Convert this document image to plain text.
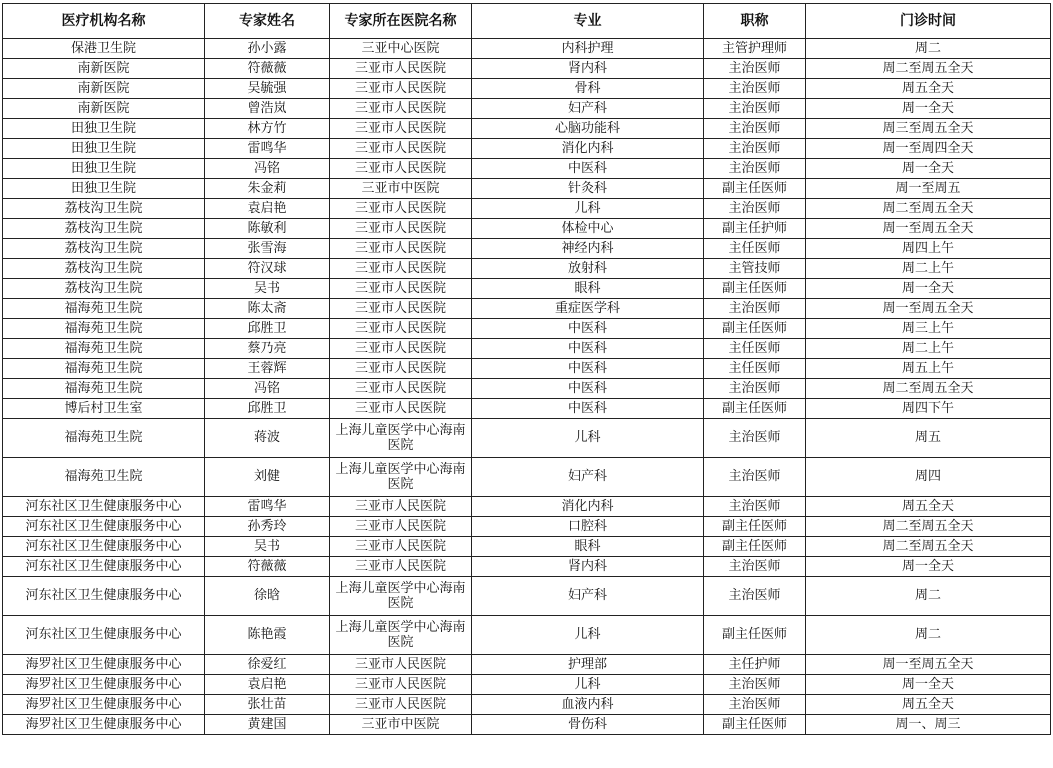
医疗机构名称	专家姓名	专家所在医院名称	专业	职称	门诊时间
保港卫生院	孙小露	三亚中心医院	内科护理	主管护理师	周二
南新医院	符薇薇	三亚市人民医院	肾内科	主治医师	周二至周五全天
南新医院	吴毓强	三亚市人民医院	骨科	主治医师	周五全天
南新医院	曾浩岚	三亚市人民医院	妇产科	主治医师	周一全天
田独卫生院	林方竹	三亚市人民医院	心脑功能科	主治医师	周三至周五全天
田独卫生院	雷鸣华	三亚市人民医院	消化内科	主治医师	周一至周四全天
田独卫生院	冯铭	三亚市人民医院	中医科	主治医师	周一全天
田独卫生院	朱金莉	三亚市中医院	针灸科	副主任医师	周一至周五
荔枝沟卫生院	袁启艳	三亚市人民医院	儿科	主治医师	周二至周五全天
荔枝沟卫生院	陈敏利	三亚市人民医院	体检中心	副主任护师	周一至周五全天
荔枝沟卫生院	张雪海	三亚市人民医院	神经内科	主任医师	周四上午
荔枝沟卫生院	符汉球	三亚市人民医院	放射科	主管技师	周二上午
荔枝沟卫生院	吴书	三亚市人民医院	眼科	副主任医师	周一全天
福海苑卫生院	陈太斋	三亚市人民医院	重症医学科	主治医师	周一至周五全天
福海苑卫生院	邱胜卫	三亚市人民医院	中医科	副主任医师	周三上午
福海苑卫生院	蔡乃亮	三亚市人民医院	中医科	主任医师	周二上午
福海苑卫生院	王蓉辉	三亚市人民医院	中医科	主任医师	周五上午
福海苑卫生院	冯铭	三亚市人民医院	中医科	主治医师	周二至周五全天
博后村卫生室	邱胜卫	三亚市人民医院	中医科	副主任医师	周四下午
福海苑卫生院	蒋波	上海儿童医学中心海南医院	儿科	主治医师	周五
福海苑卫生院	刘健	上海儿童医学中心海南医院	妇产科	主治医师	周四
河东社区卫生健康服务中心	雷鸣华	三亚市人民医院	消化内科	主治医师	周五全天
河东社区卫生健康服务中心	孙秀玲	三亚市人民医院	口腔科	副主任医师	周二至周五全天
河东社区卫生健康服务中心	吴书	三亚市人民医院	眼科	副主任医师	周二至周五全天
河东社区卫生健康服务中心	符薇薇	三亚市人民医院	肾内科	主治医师	周一全天
河东社区卫生健康服务中心	徐晗	上海儿童医学中心海南医院	妇产科	主治医师	周二
河东社区卫生健康服务中心	陈艳霞	上海儿童医学中心海南医院	儿科	副主任医师	周二
海罗社区卫生健康服务中心	徐爱红	三亚市人民医院	护理部	主任护师	周一至周五全天
海罗社区卫生健康服务中心	袁启艳	三亚市人民医院	儿科	主治医师	周一全天
海罗社区卫生健康服务中心	张壮苗	三亚市人民医院	血液内科	主治医师	周五全天
海罗社区卫生健康服务中心	黄建国	三亚市中医院	骨伤科	副主任医师	周一、周三
